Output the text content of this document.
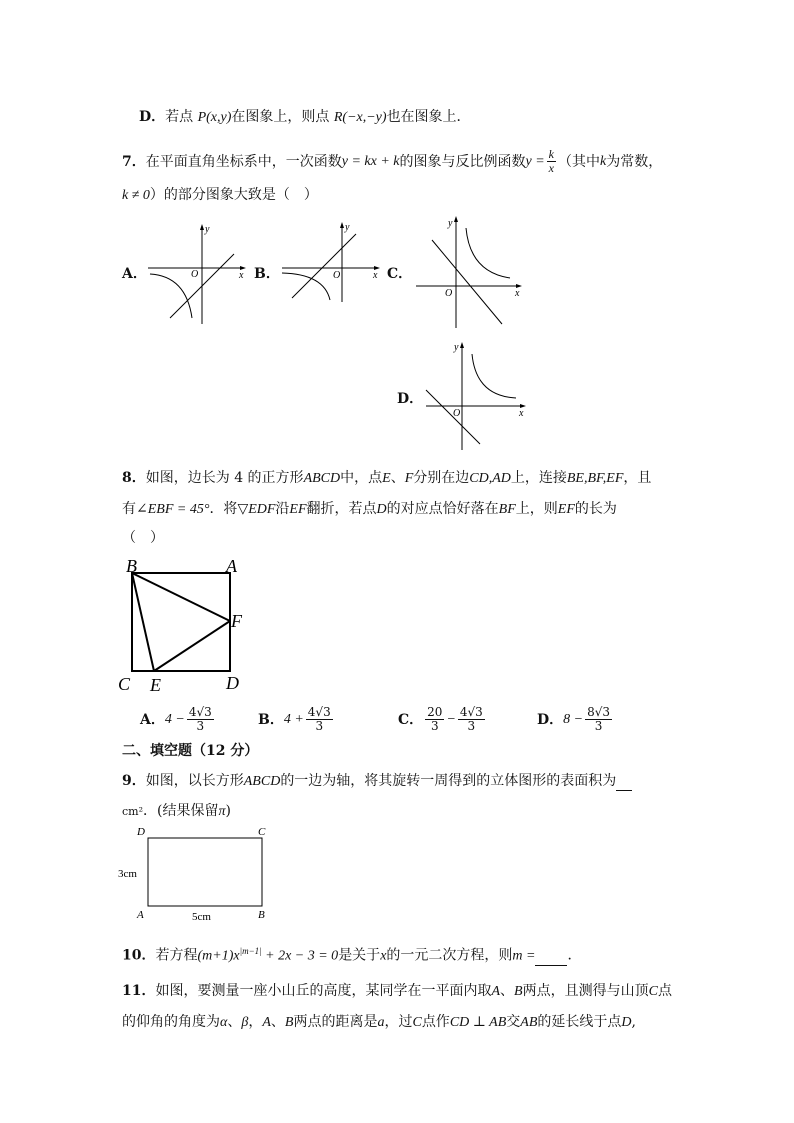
D．若点 P(x,y)在图象上，则点 R(−x,−y)也在图象上．
7． 在平面直角坐标系中，一次函数 y = kx + k 的图象与反比例函数 $y = \frac{k}{x}$ （其中 k 为常数，
k ≠ 0）的部分图象大致是（　）
A．	x
y
O	B．	x
y
O	C．
x
y
O
D．
x
y
O
8．如图，边长为 4 的正方形ABCD中，点E、F分别在边CD,AD上，连接BE,BF,EF，且
有∠EBF = 45°．将▽EDF沿EF翻折，若点D的对应点恰好落在BF上，则EF的长为
（　）
B	A
F
C E	D
A． $4 - \frac{4√3}{3}$	B． $4 + \frac{4√3}{3}$	C． $\frac{20}{3} - \frac{4√3}{3}$	D． $8 - \frac{8√3}{3}$
二、填空题（12 分）
9．如图，以长方形ABCD的一边为轴，将其旋转一周得到的立体图形的表面积为
cm²．(结果保留π)
D	C
A	B
3cm
5cm
10．若方程$(m+1)x^{|m-1|} + 2x - 3 = 0$是关于x的一元二次方程，则m = ．
11．如图，要测量一座小山丘的高度，某同学在一平面内取A、B两点，且测得与山顶C点
的仰角的角度为α、β，A、B两点的距离是a，过C点作CD ⊥ AB交AB的延长线于点D,
